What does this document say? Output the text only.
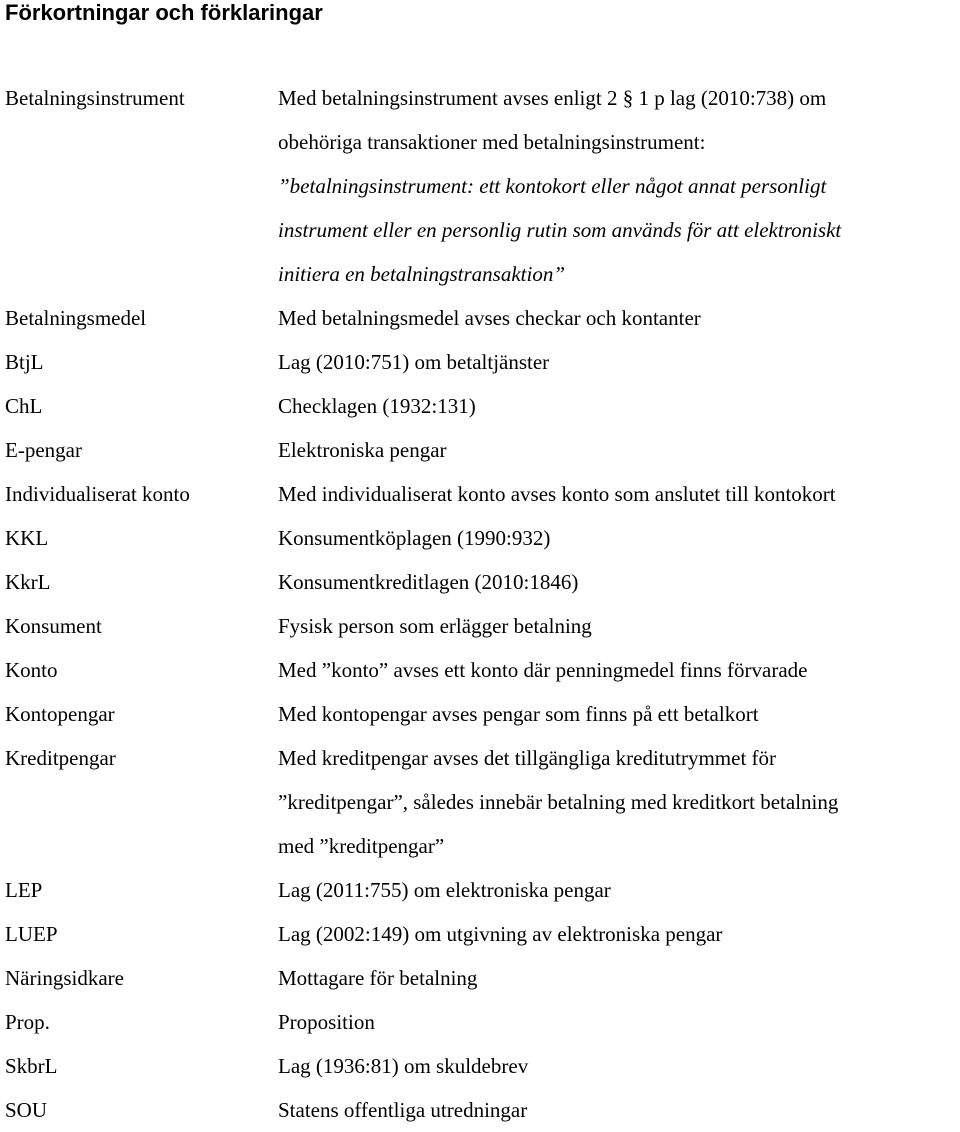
Förkortningar och förklaringar
Betalningsinstrument	Med betalningsinstrument avses enligt 2 § 1 p lag (2010:738) om
obehöriga transaktioner med betalningsinstrument:
”betalningsinstrument: ett kontokort eller något annat personligt
instrument eller en personlig rutin som används för att elektroniskt
initiera en betalningstransaktion”
Betalningsmedel	Med betalningsmedel avses checkar och kontanter
BtjL	Lag (2010:751) om betaltjänster
ChL	Checklagen (1932:131)
E-pengar	Elektroniska pengar
Individualiserat konto	Med individualiserat konto avses konto som anslutet till kontokort
KKL	Konsumentköplagen (1990:932)
KkrL	Konsumentkreditlagen (2010:1846)
Konsument	Fysisk person som erlägger betalning
Konto	Med ”konto” avses ett konto där penningmedel finns förvarade
Kontopengar	Med kontopengar avses pengar som finns på ett betalkort
Kreditpengar	Med kreditpengar avses det tillgängliga kreditutrymmet för
”kreditpengar”, således innebär betalning med kreditkort betalning
med ”kreditpengar”
LEP	Lag (2011:755) om elektroniska pengar
LUEP	Lag (2002:149) om utgivning av elektroniska pengar
Näringsidkare	Mottagare för betalning
Prop.	Proposition
SkbrL	Lag (1936:81) om skuldebrev
SOU	Statens offentliga utredningar
